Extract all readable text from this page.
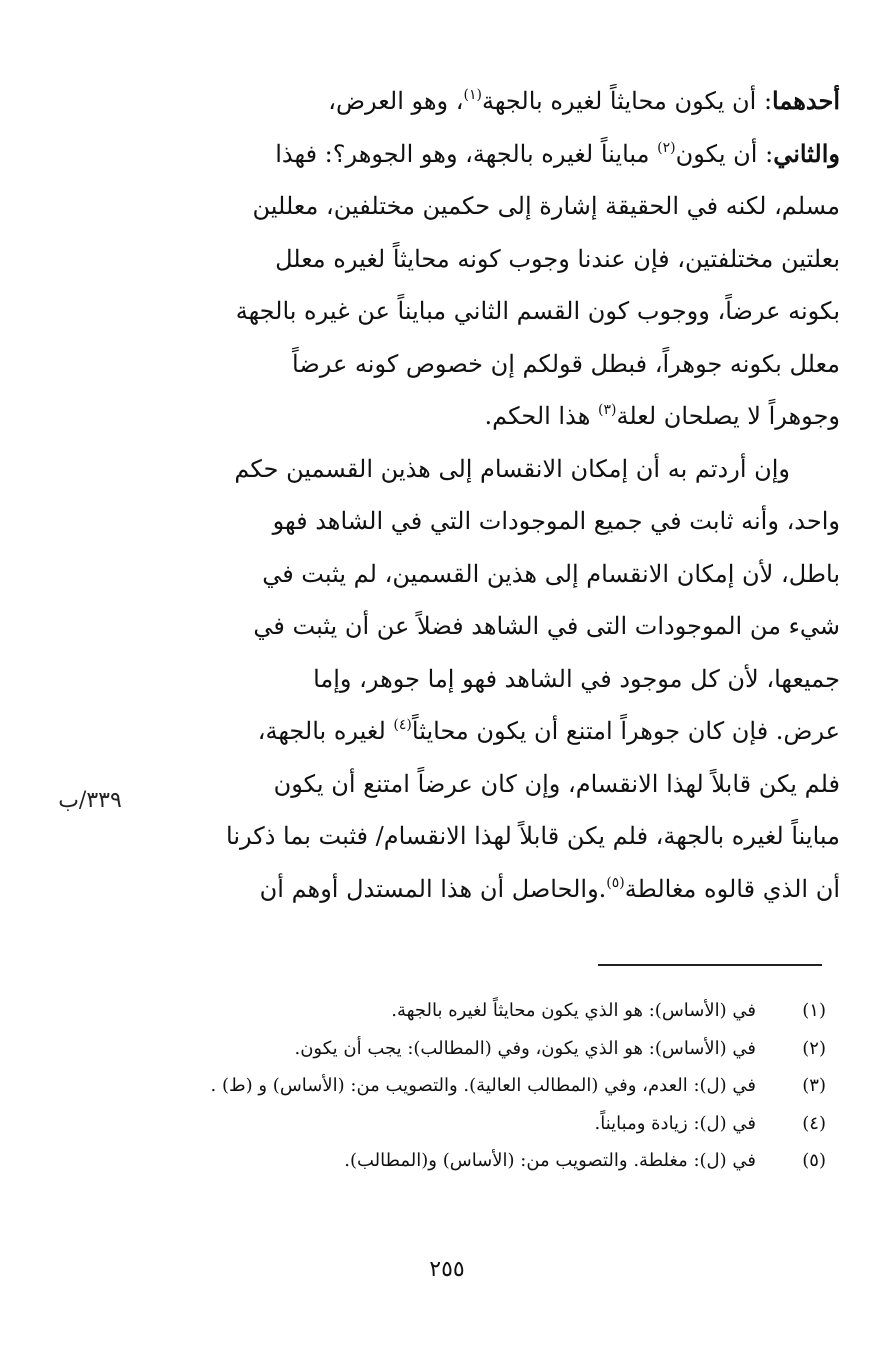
أحدهما: أن يكون محايثاً لغيره بالجهة$^{(١)}$، وهو العرض،
والثاني: أن يكون$^{(٢)}$ مبايناً لغيره بالجهة، وهو الجوهر؟: فهذا
مسلم، لكنه في الحقيقة إشارة إلى حكمين مختلفين، معللين
بعلتين مختلفتين، فإن عندنا وجوب كونه محايثاً لغيره معلل
بكونه عرضاً، ووجوب كون القسم الثاني مبايناً عن غيره بالجهة
معلل بكونه جوهراً، فبطل قولكم إن خصوص كونه عرضاً
وجوهراً لا يصلحان لعلة$^{(٣)}$ هذا الحكم.
وإن أردتم به أن إمكان الانقسام إلى هذين القسمين حكم
واحد، وأنه ثابت في جميع الموجودات التي في الشاهد فهو
باطل، لأن إمكان الانقسام إلى هذين القسمين، لم يثبت في
شيء من الموجودات التى في الشاهد فضلاً عن أن يثبت في
جميعها، لأن كل موجود في الشاهد فهو إما جوهر، وإما
عرض. فإن كان جوهراً امتنع أن يكون محايثاً$^{(٤)}$ لغيره بالجهة،
فلم يكن قابلاً لهذا الانقسام، وإن كان عرضاً امتنع أن يكون
مبايناً لغيره بالجهة، فلم يكن قابلاً لهذا الانقسام/ فثبت بما ذكرنا
أن الذي قالوه مغالطة$^{(٥)}$.والحاصل أن هذا المستدل أوهم أن
٣٣٩/ب
(١)
في (الأساس): هو الذي يكون محايثاً لغيره بالجهة.
(٢)
في (الأساس): هو الذي يكون، وفي (المطالب): يجب أن يكون.
(٣)
في (ل): العدم، وفي (المطالب العالية). والتصويب من: (الأساس) و (ط) .
(٤)
في (ل): زيادة ومبايناً.
(٥)
في (ل): مغلطة. والتصويب من: (الأساس) و(المطالب).
٢٥٥
